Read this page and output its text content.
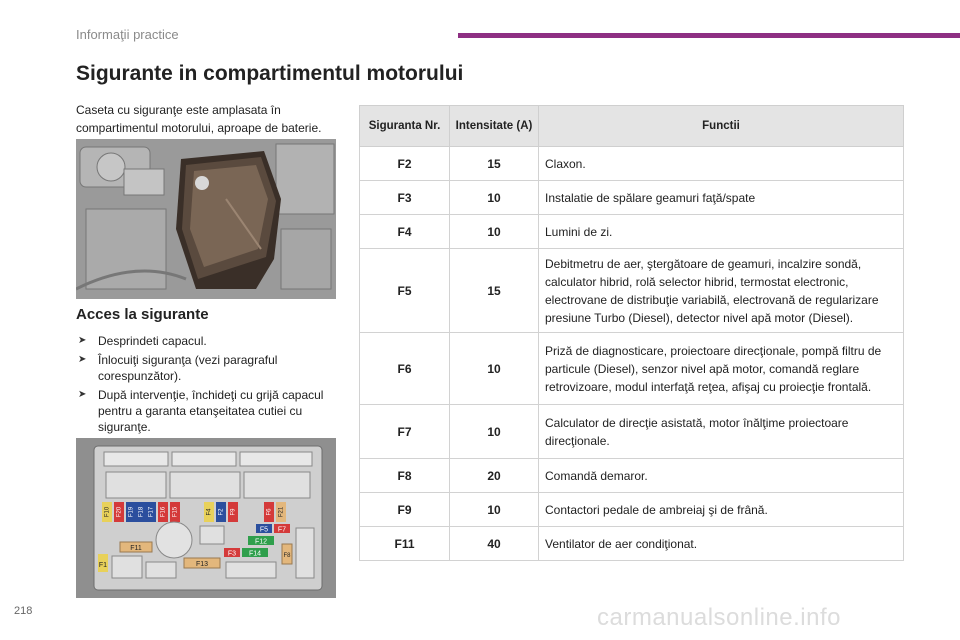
Informaţii practice
Sigurante in compartimentul motorului

Caseta cu siguranţe este amplasata în compartimentul motorului, aproape de baterie.

Acces la sigurante
➤ Desprindeti capacul.
➤ Înlocuiţi siguranţa (vezi paragraful corespunzător).
➤ După intervenţie, închideţi cu grijă capacul pentru a garanta etanşeitatea cutiei cu siguranţe.
F10 F20 F19 F18 F17 F16 F15	F4 F2 F9	F6 F21
F5 F7
F12
F3 F14
F11
F13
F1
F8
Siguranta Nr.	Intensitate (A)	Functii
F2	15	Claxon.
F3	10	Instalatie de spălare geamuri faţă/spate
F4	10	Lumini de zi.
F5	15	Debitmetru de aer, ştergătoare de geamuri, incalzire sondă, calculator hibrid, rolă selector hibrid, termostat electronic, electrovane de distribuţie variabilă, electrovană de regularizare presiune Turbo (Diesel), detector nivel apă motor (Diesel).
F6	10	Priză de diagnosticare, proiectoare direcţionale, pompă filtru de particule (Diesel), senzor nivel apă motor, comandă reglare retrovizoare, modul interfaţă reţea, afişaj cu proiecţie frontală.
F7	10	Calculator de direcţie asistată, motor înălţime proiectoare direcţionale.
F8	20	Comandă demaror.
F9	10	Contactori pedale de ambreiaj şi de frână.
F11	40	Ventilator de aer condiţionat.
218	carmanualsonline.info
